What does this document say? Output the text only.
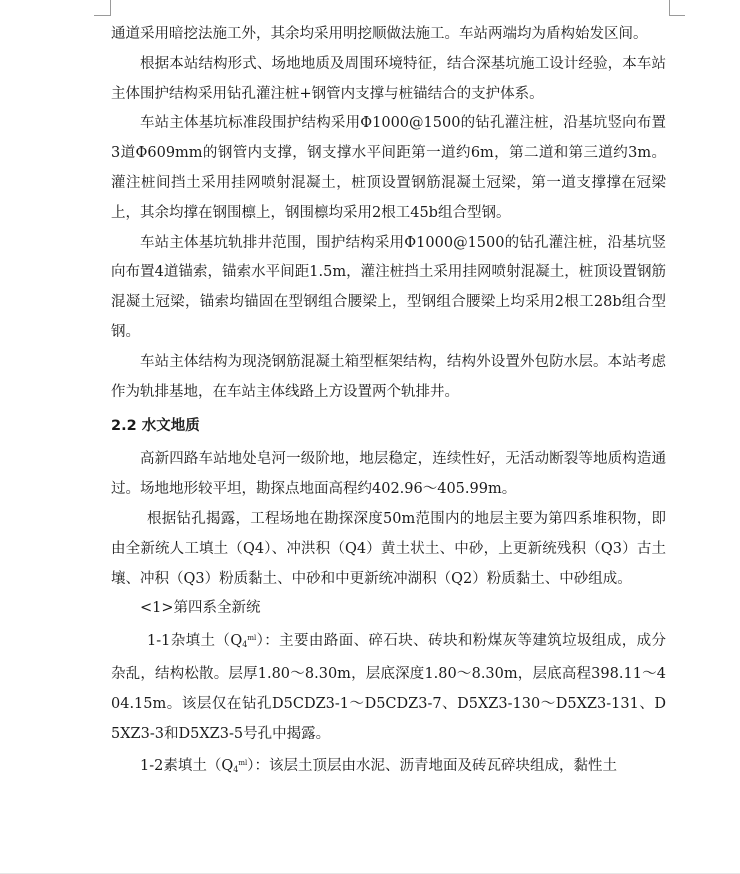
通道采用暗挖法施工外，其余均采用明挖顺做法施工。车站两端均为盾构始发区间。

根据本站结构形式、场地地质及周围环境特征，结合深基坑施工设计经验，本车站主体围护结构采用钻孔灌注桩+钢管内支撑与桩锚结合的支护体系。

车站主体基坑标准段围护结构采用Φ1000@1500的钻孔灌注桩，沿基坑竖向布置3道Φ609mm的钢管内支撑，钢支撑水平间距第一道约6m，第二道和第三道约3m。灌注桩间挡土采用挂网喷射混凝土，桩顶设置钢筋混凝土冠梁，第一道支撑撑在冠梁上，其余均撑在钢围檩上，钢围檩均采用2根工45b组合型钢。

车站主体基坑轨排井范围，围护结构采用Φ1000@1500的钻孔灌注桩，沿基坑竖向布置4道锚索，锚索水平间距1.5m，灌注桩挡土采用挂网喷射混凝土，桩顶设置钢筋混凝土冠梁，锚索均锚固在型钢组合腰梁上，型钢组合腰梁上均采用2根工28b组合型钢。

车站主体结构为现浇钢筋混凝土箱型框架结构，结构外设置外包防水层。本站考虑作为轨排基地，在车站主体线路上方设置两个轨排井。

2.2 水文地质

高新四路车站地处皂河一级阶地，地层稳定，连续性好，无活动断裂等地质构造通过。场地地形较平坦，勘探点地面高程约402.96～405.99m。

根据钻孔揭露，工程场地在勘探深度50m范围内的地层主要为第四系堆积物，即由全新统人工填土（Q4）、冲洪积（Q4）黄土状土、中砂，上更新统残积（Q3）古土壤、冲积（Q3）粉质黏土、中砂和中更新统冲湖积（Q2）粉质黏土、中砂组成。

<1>第四系全新统

1-1杂填土$(Q_4^{ml})$：主要由路面、碎石块、砖块和粉煤灰等建筑垃圾组成，成分杂乱，结构松散。层厚1.80～8.30m，层底深度1.80～8.30m，层底高程398.11～404.15m。该层仅在钻孔D5CDZ3-1～D5CDZ3-7、D5XZ3-130～D5XZ3-131、D5XZ3-3和D5XZ3-5号孔中揭露。

1-2素填土$(Q_4^{ml})$：该层土顶层由水泥、沥青地面及砖瓦碎块组成，黏性土
